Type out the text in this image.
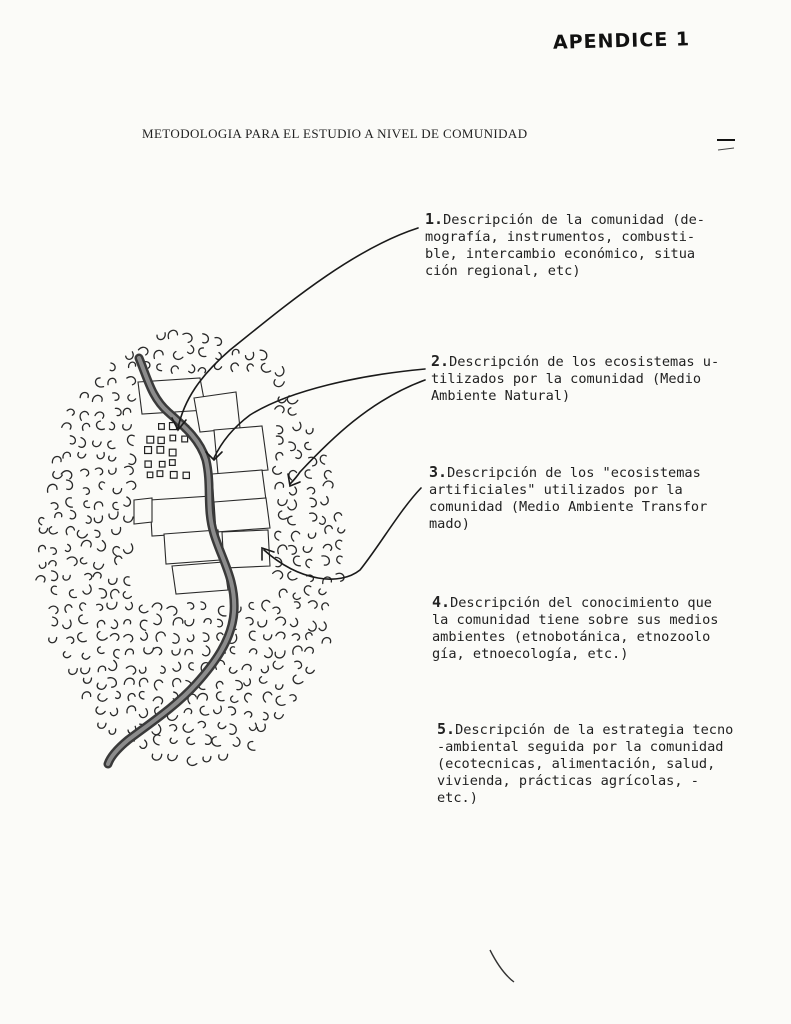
APENDICE 1
METODOLOGIA PARA EL ESTUDIO A NIVEL DE COMUNIDAD
1.Descripción de la comunidad (de-
mografía, instrumentos, combusti-
ble, intercambio económico, situa
ción regional, etc)
2.Descripción de los ecosistemas u-
tilizados por la comunidad (Medio
Ambiente Natural)
3.Descripción de los "ecosistemas
artificiales" utilizados por la
comunidad (Medio Ambiente Transfor
mado)
4.Descripción del conocimiento que
la comunidad tiene sobre sus medios
ambientes (etnobotánica, etnozoolo
gía, etnoecología, etc.)
5.Descripción de la estrategia tecno
-ambiental seguida por la comunidad
(ecotecnicas, alimentación, salud,
vivienda, prácticas agrícolas, -
etc.)
